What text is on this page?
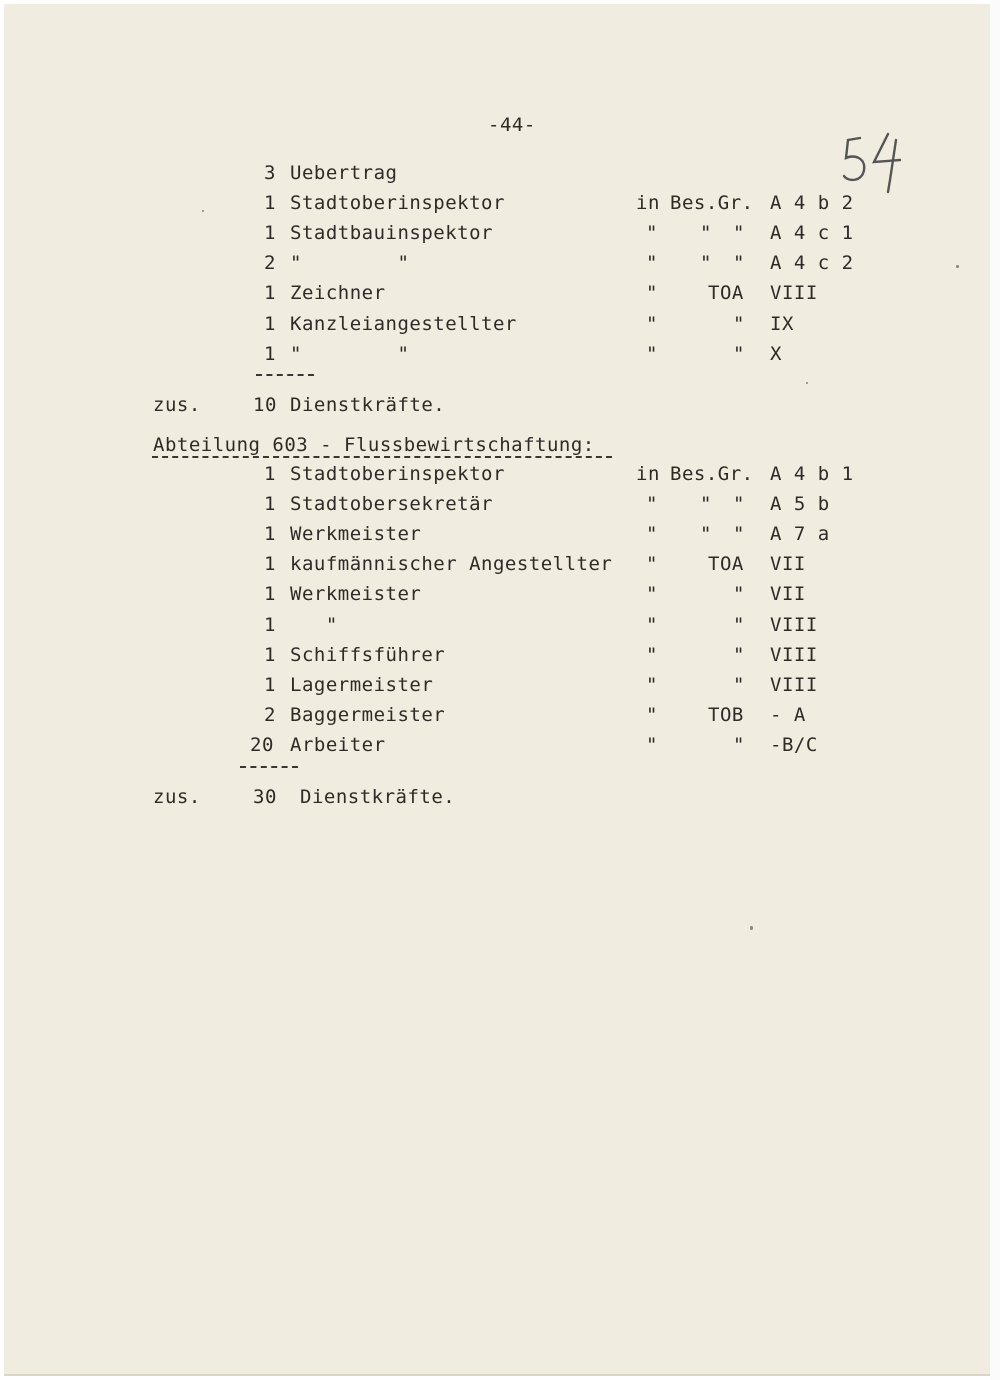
-44-
3 Uebertrag
1 Stadtoberinspektor	in Bes.Gr. A 4 b 2
1 Stadtbauinspektor	" " " A 4 c 1
2 "        "	" " " A 4 c 2
1 Zeichner	"	TOA VIII
1 Kanzleiangestellter	"	" IX
1 "        "	"	" X
zus.	10 Dienstkräfte.
Abteilung 603 - Flussbewirtschaftung:
1 Stadtoberinspektor	in Bes.Gr. A 4 b 1
1 Stadtobersekretär	" " " A 5 b
1 Werkmeister	" " " A 7 a
1 kaufmännischer Angestellter "	TOA VII
1 Werkmeister	"	" VII
1 "	"	" VIII
1 Schiffsführer	"	" VIII
1 Lagermeister	"	" VIII
2 Baggermeister	"	TOB - A
20 Arbeiter	"	" -B/C
zus.	30 Dienstkräfte.
